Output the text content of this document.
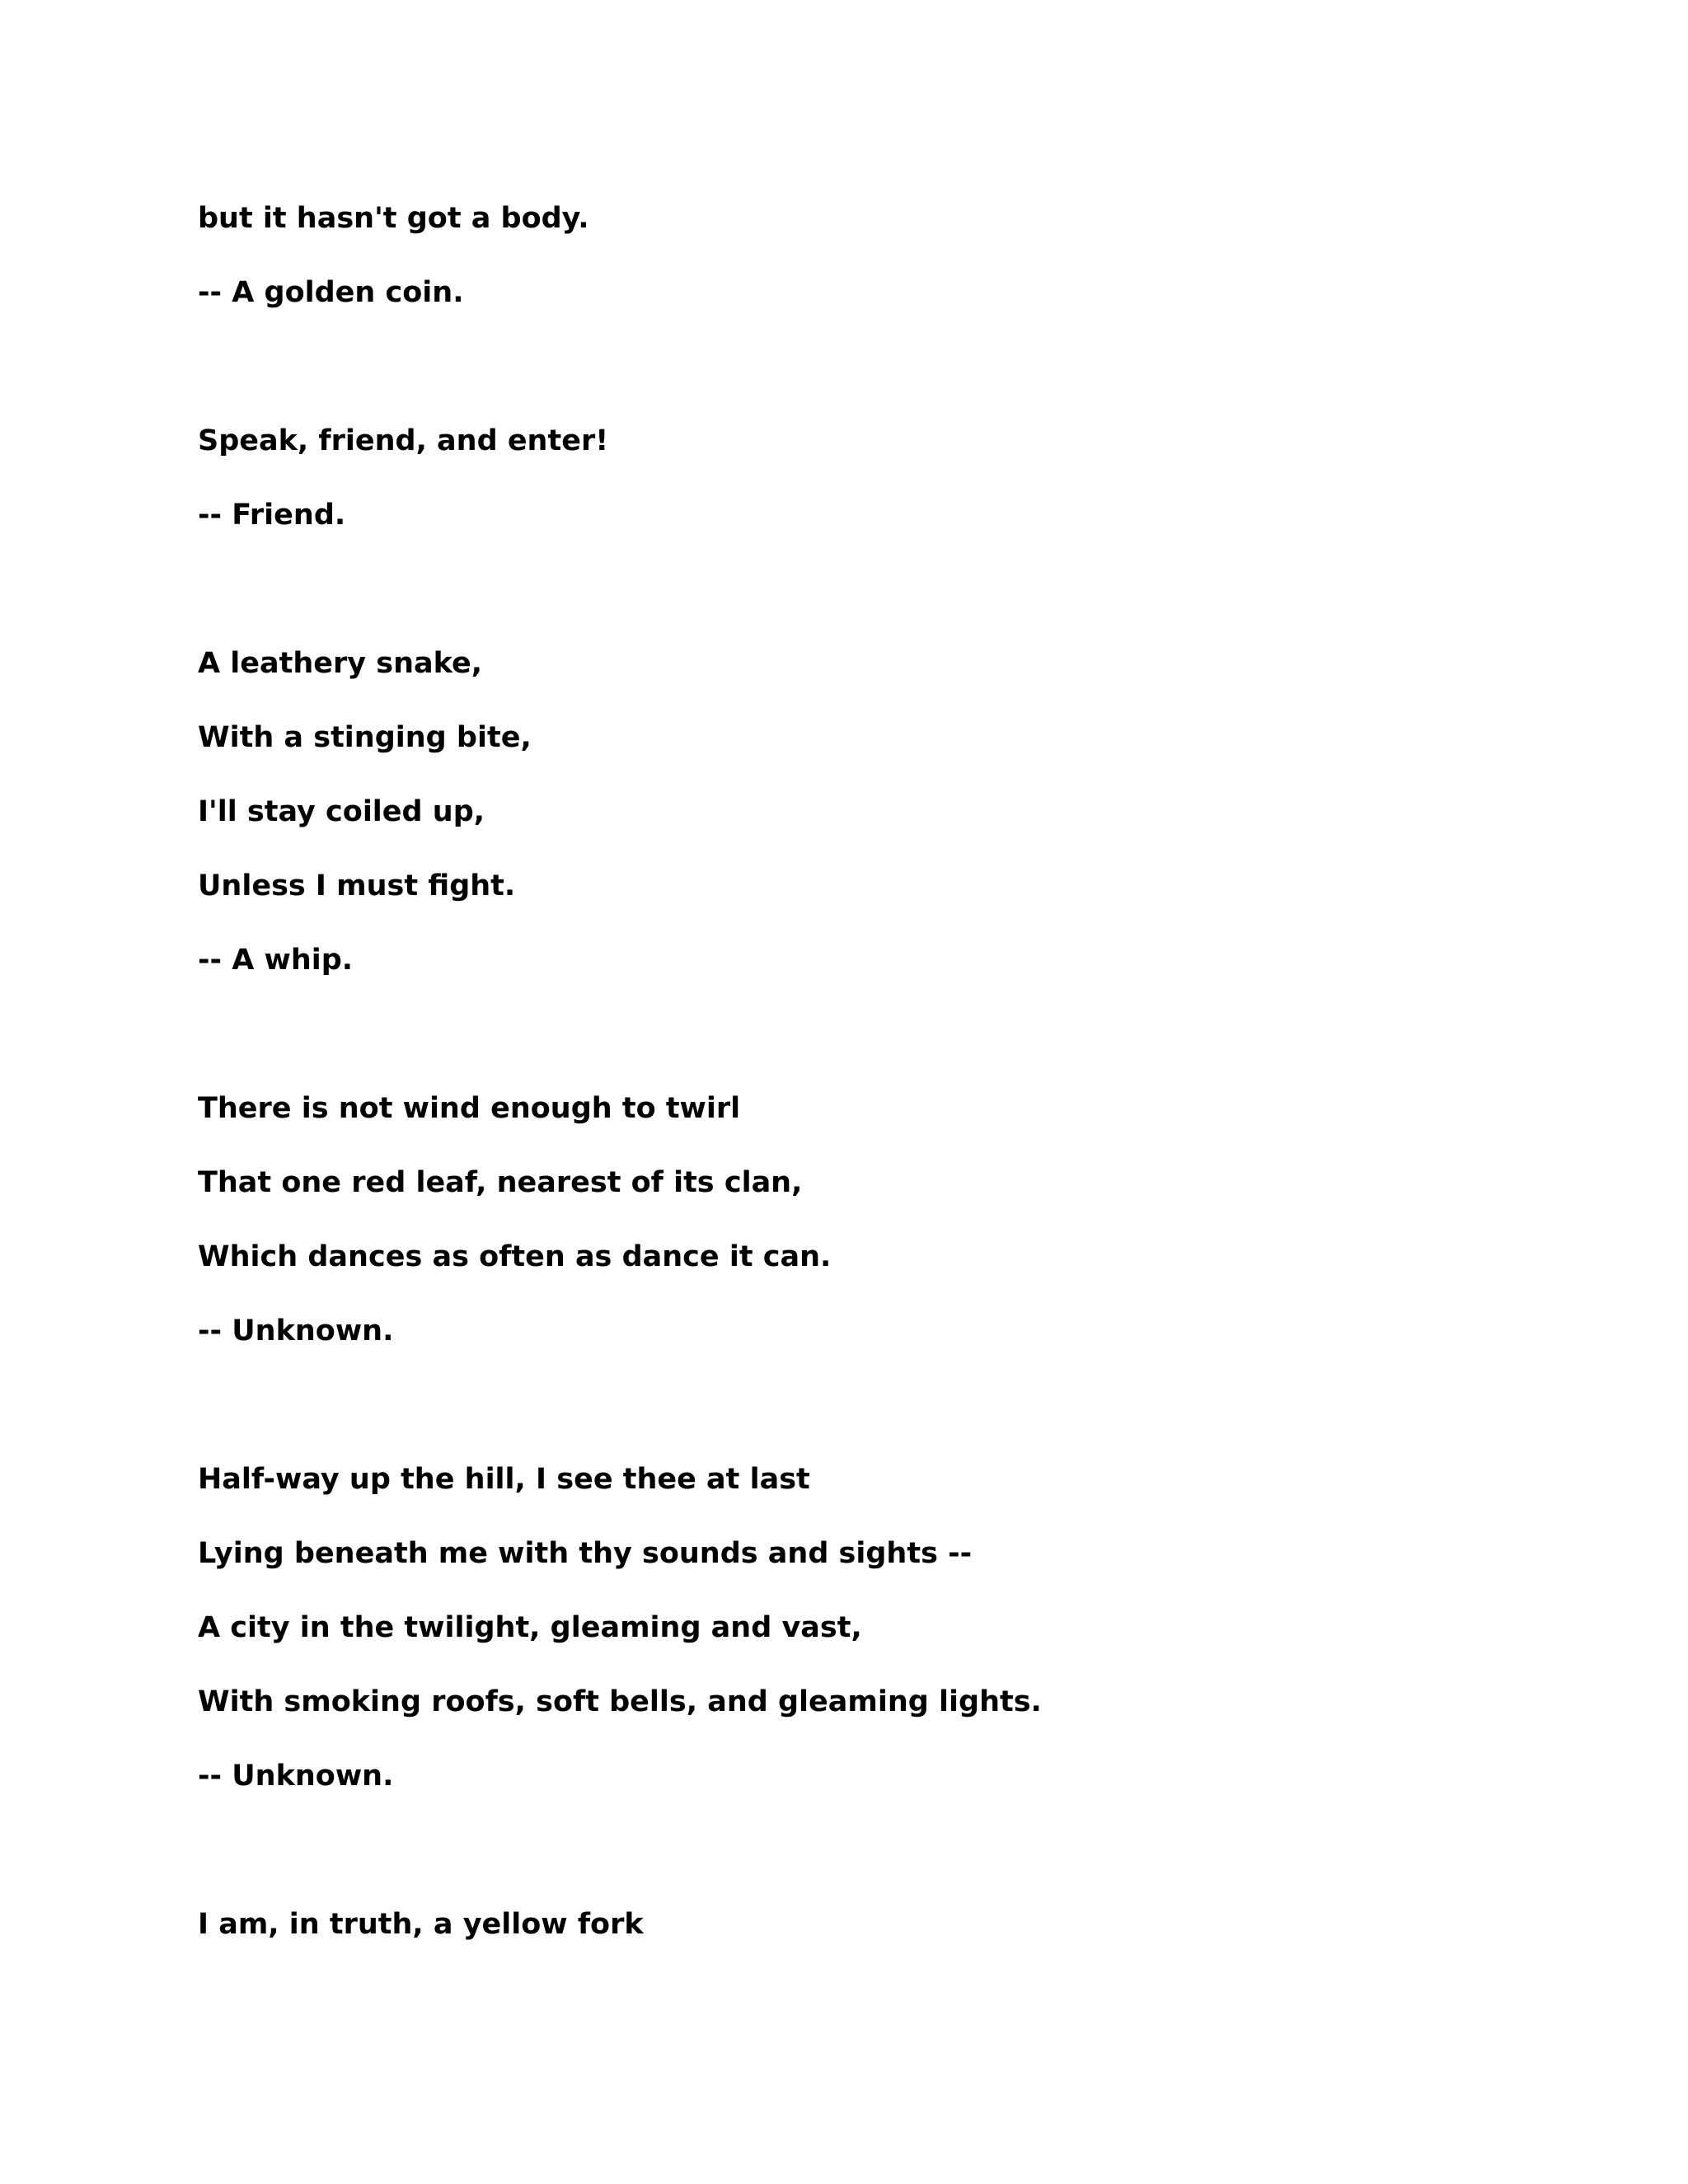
but it hasn't got a body.
-- A golden coin.
Speak, friend, and enter!
-- Friend.
A leathery snake,
With a stinging bite,
I'll stay coiled up,
Unless I must fight.
-- A whip.
There is not wind enough to twirl
That one red leaf, nearest of its clan,
Which dances as often as dance it can.
-- Unknown.
Half-way up the hill, I see thee at last
Lying beneath me with thy sounds and sights --
A city in the twilight, gleaming and vast,
With smoking roofs, soft bells, and gleaming lights.
-- Unknown.
I am, in truth, a yellow fork
